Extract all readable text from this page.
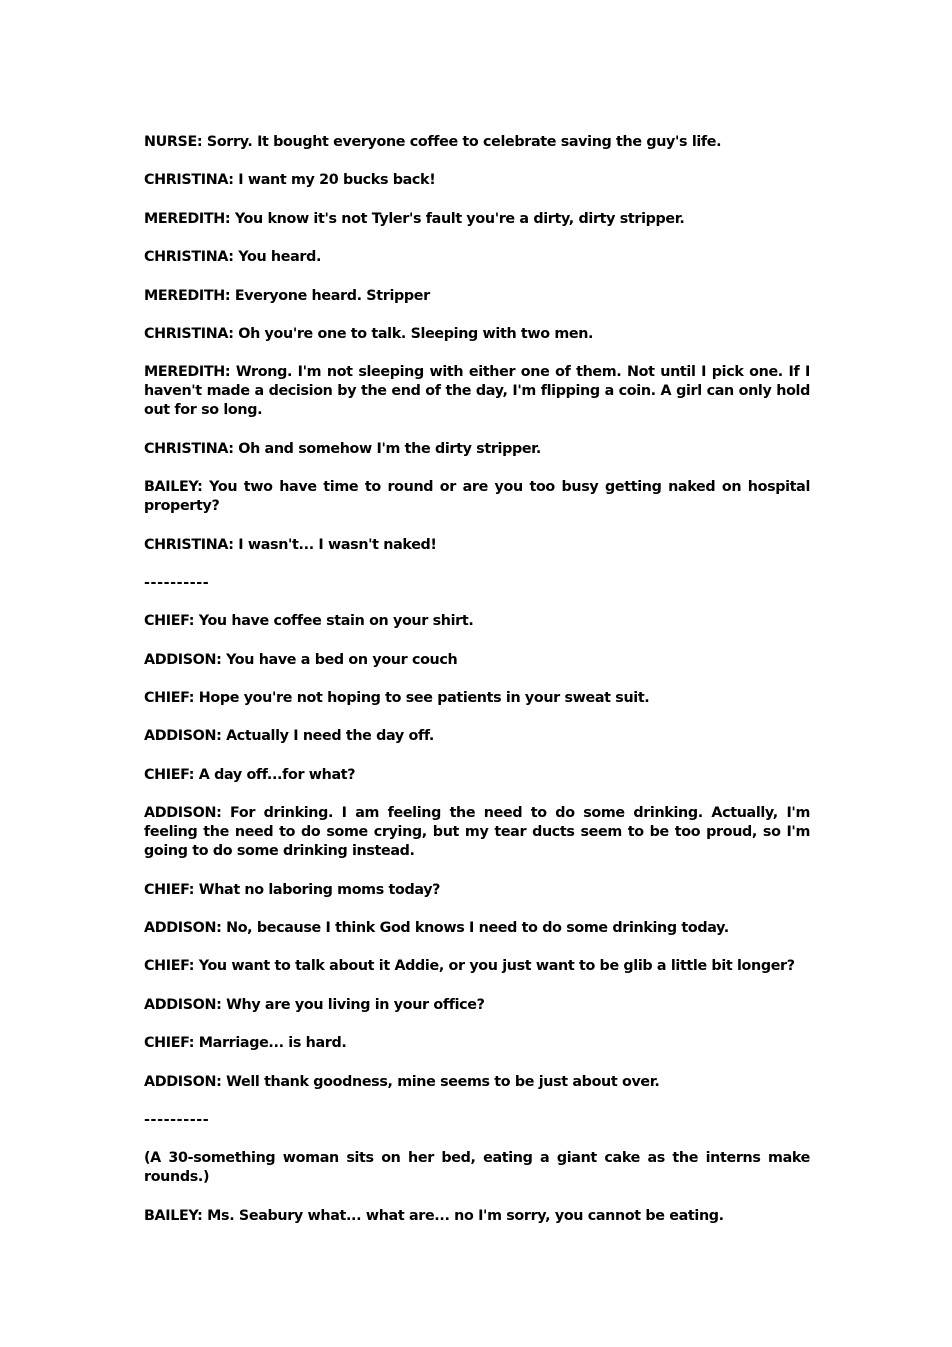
NURSE: Sorry. It bought everyone coffee to celebrate saving the guy's life.

CHRISTINA: I want my 20 bucks back!

MEREDITH: You know it's not Tyler's fault you're a dirty, dirty stripper.

CHRISTINA: You heard.

MEREDITH: Everyone heard. Stripper

CHRISTINA: Oh you're one to talk. Sleeping with two men.

MEREDITH: Wrong. I'm not sleeping with either one of them. Not until I pick one. If I haven't made a decision by the end of the day, I'm flipping a coin. A girl can only hold out for so long.

CHRISTINA: Oh and somehow I'm the dirty stripper.

BAILEY: You two have time to round or are you too busy getting naked on hospital property?

CHRISTINA: I wasn't... I wasn't naked!

----------

CHIEF: You have coffee stain on your shirt.

ADDISON: You have a bed on your couch

CHIEF: Hope you're not hoping to see patients in your sweat suit.

ADDISON: Actually I need the day off.

CHIEF: A day off...for what?

ADDISON: For drinking. I am feeling the need to do some drinking. Actually, I'm feeling the need to do some crying, but my tear ducts seem to be too proud, so I'm going to do some drinking instead.

CHIEF: What no laboring moms today?

ADDISON: No, because I think God knows I need to do some drinking today.

CHIEF: You want to talk about it Addie, or you just want to be glib a little bit longer?

ADDISON: Why are you living in your office?

CHIEF: Marriage... is hard.

ADDISON: Well thank goodness, mine seems to be just about over.

----------

(A 30-something woman sits on her bed, eating a giant cake as the interns make rounds.)

BAILEY: Ms. Seabury what... what are... no I'm sorry, you cannot be eating.
